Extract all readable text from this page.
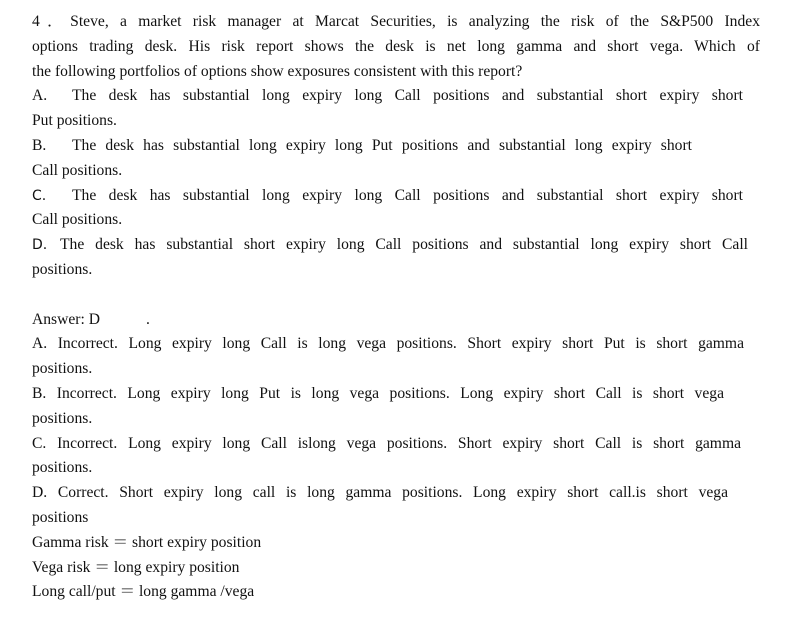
4．Steve, a market risk manager at Marcat Securities, is analyzing the risk of the S&P500 Index
options trading desk. His risk report shows the desk is net long gamma and short vega. Which of
the following portfolios of options show exposures consistent with this report?
A. The desk has substantial long expiry long Call positions and substantial short expiry short
Put positions.
B. The desk has substantial long expiry long Put positions and substantial long expiry short
Call positions.
C. The desk has substantial long expiry long Call positions and substantial short expiry short
Call positions.
D. The desk has substantial short expiry long Call positions and substantial long expiry short Call
positions.
Answer: D	.
A. Incorrect. Long expiry long Call is long vega positions. Short expiry short Put is short gamma
positions.
B. Incorrect. Long expiry long Put is long vega positions. Long expiry short Call is short vega
positions.
C. Incorrect. Long expiry long Call islong vega positions. Short expiry short Call is short gamma
positions.
D. Correct. Short expiry long call is long gamma positions. Long expiry short call.is short vega
positions
Gamma risk ＝ short expiry position
Vega risk ＝ long expiry position
Long call/put ＝ long gamma /vega
